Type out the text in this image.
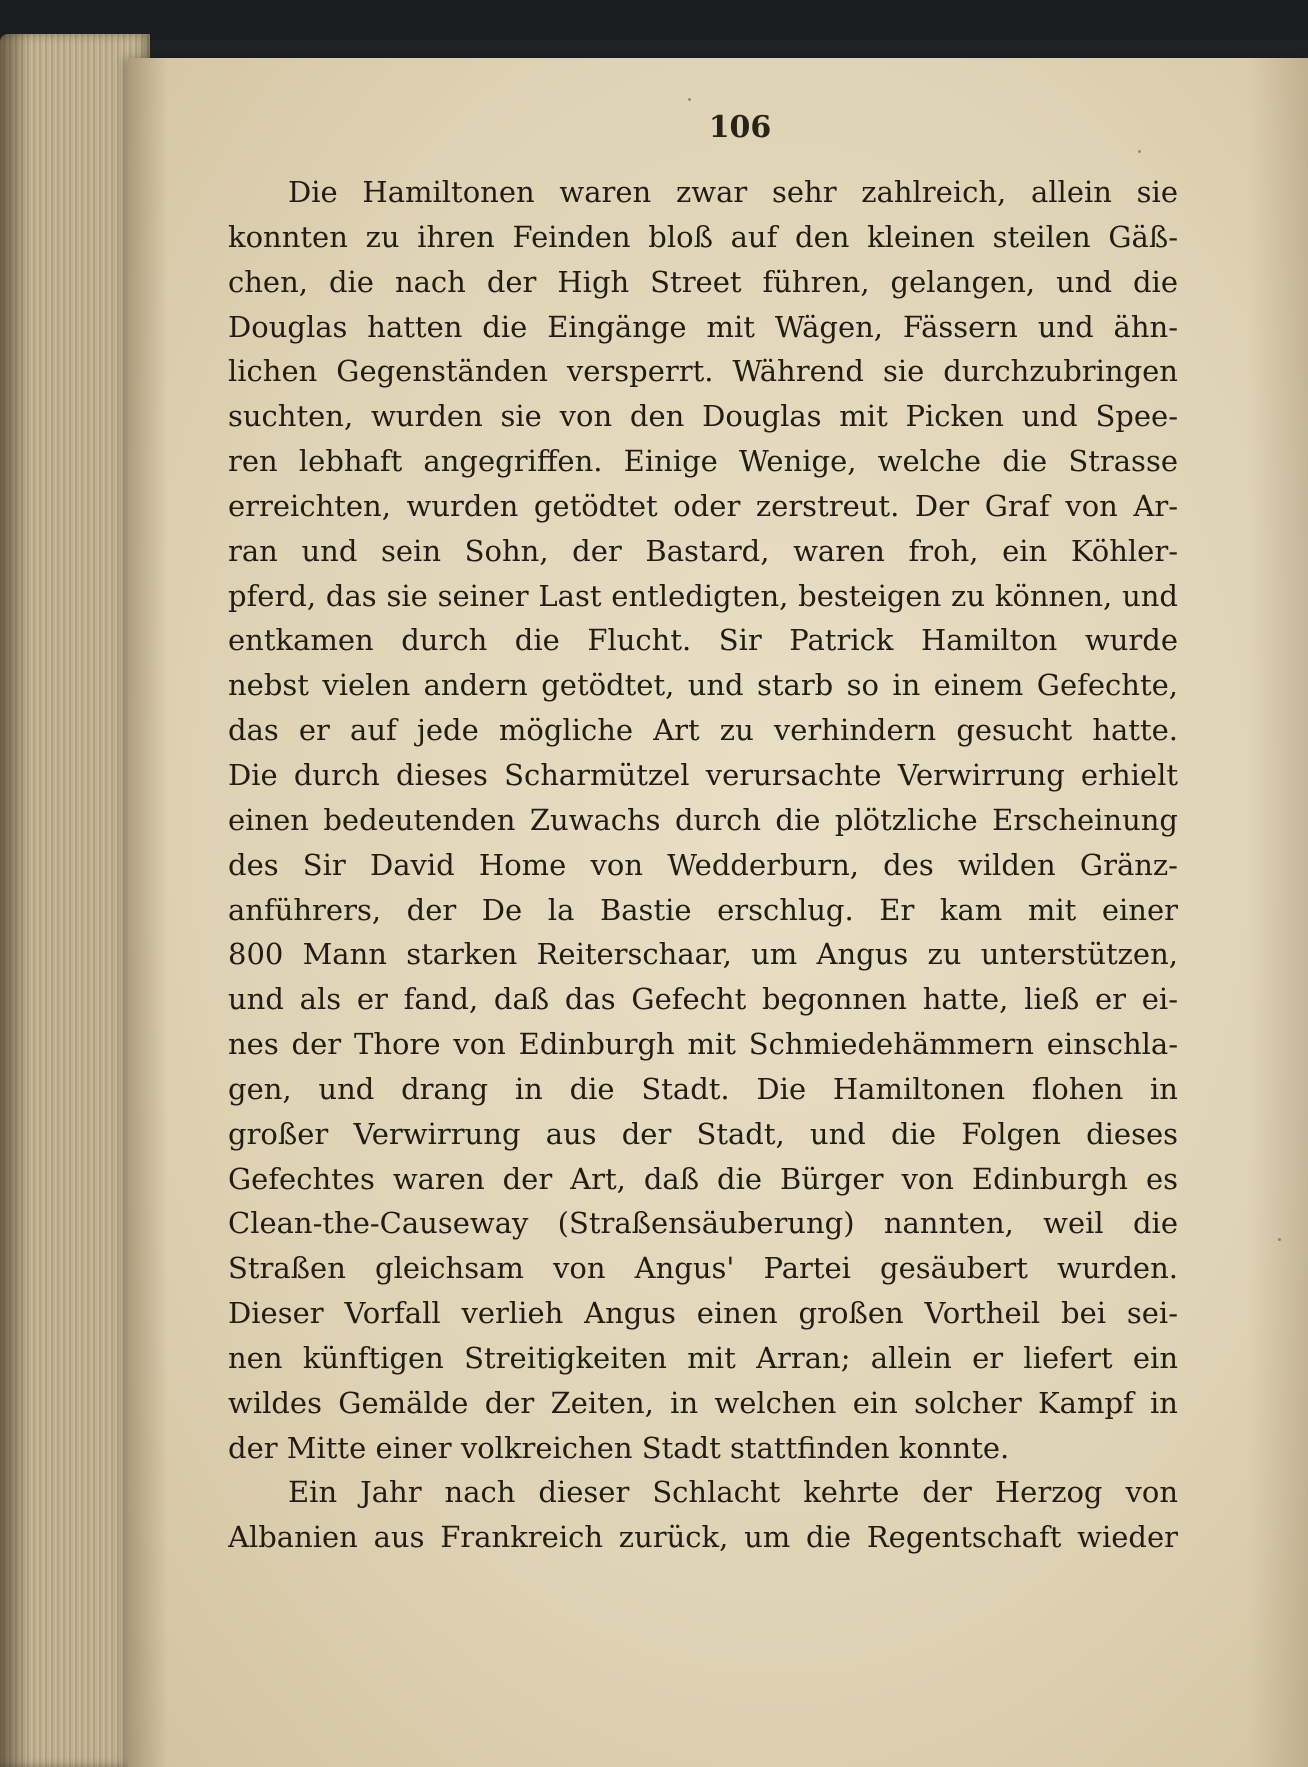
106
Die Hamiltonen waren zwar sehr zahlreich, allein sie
konnten zu ihren Feinden bloß auf den kleinen steilen Gäß-
chen, die nach der High Street führen, gelangen, und die
Douglas hatten die Eingänge mit Wägen, Fässern und ähn-
lichen Gegenständen versperrt. Während sie durchzubringen
suchten, wurden sie von den Douglas mit Picken und Spee-
ren lebhaft angegriffen. Einige Wenige, welche die Strasse
erreichten, wurden getödtet oder zerstreut. Der Graf von Ar-
ran und sein Sohn, der Bastard, waren froh, ein Köhler-
pferd, das sie seiner Last entledigten, besteigen zu können, und
entkamen durch die Flucht. Sir Patrick Hamilton wurde
nebst vielen andern getödtet, und starb so in einem Gefechte,
das er auf jede mögliche Art zu verhindern gesucht hatte.
Die durch dieses Scharmützel verursachte Verwirrung erhielt
einen bedeutenden Zuwachs durch die plötzliche Erscheinung
des Sir David Home von Wedderburn, des wilden Gränz-
anführers, der De la Bastie erschlug. Er kam mit einer
800 Mann starken Reiterschaar, um Angus zu unterstützen,
und als er fand, daß das Gefecht begonnen hatte, ließ er ei-
nes der Thore von Edinburgh mit Schmiedehämmern einschla-
gen, und drang in die Stadt. Die Hamiltonen flohen in
großer Verwirrung aus der Stadt, und die Folgen dieses
Gefechtes waren der Art, daß die Bürger von Edinburgh es
Clean-the-Causeway (Straßensäuberung) nannten, weil die
Straßen gleichsam von Angus' Partei gesäubert wurden.
Dieser Vorfall verlieh Angus einen großen Vortheil bei sei-
nen künftigen Streitigkeiten mit Arran; allein er liefert ein
wildes Gemälde der Zeiten, in welchen ein solcher Kampf in
der Mitte einer volkreichen Stadt stattfinden konnte.
Ein Jahr nach dieser Schlacht kehrte der Herzog von
Albanien aus Frankreich zurück, um die Regentschaft wieder
